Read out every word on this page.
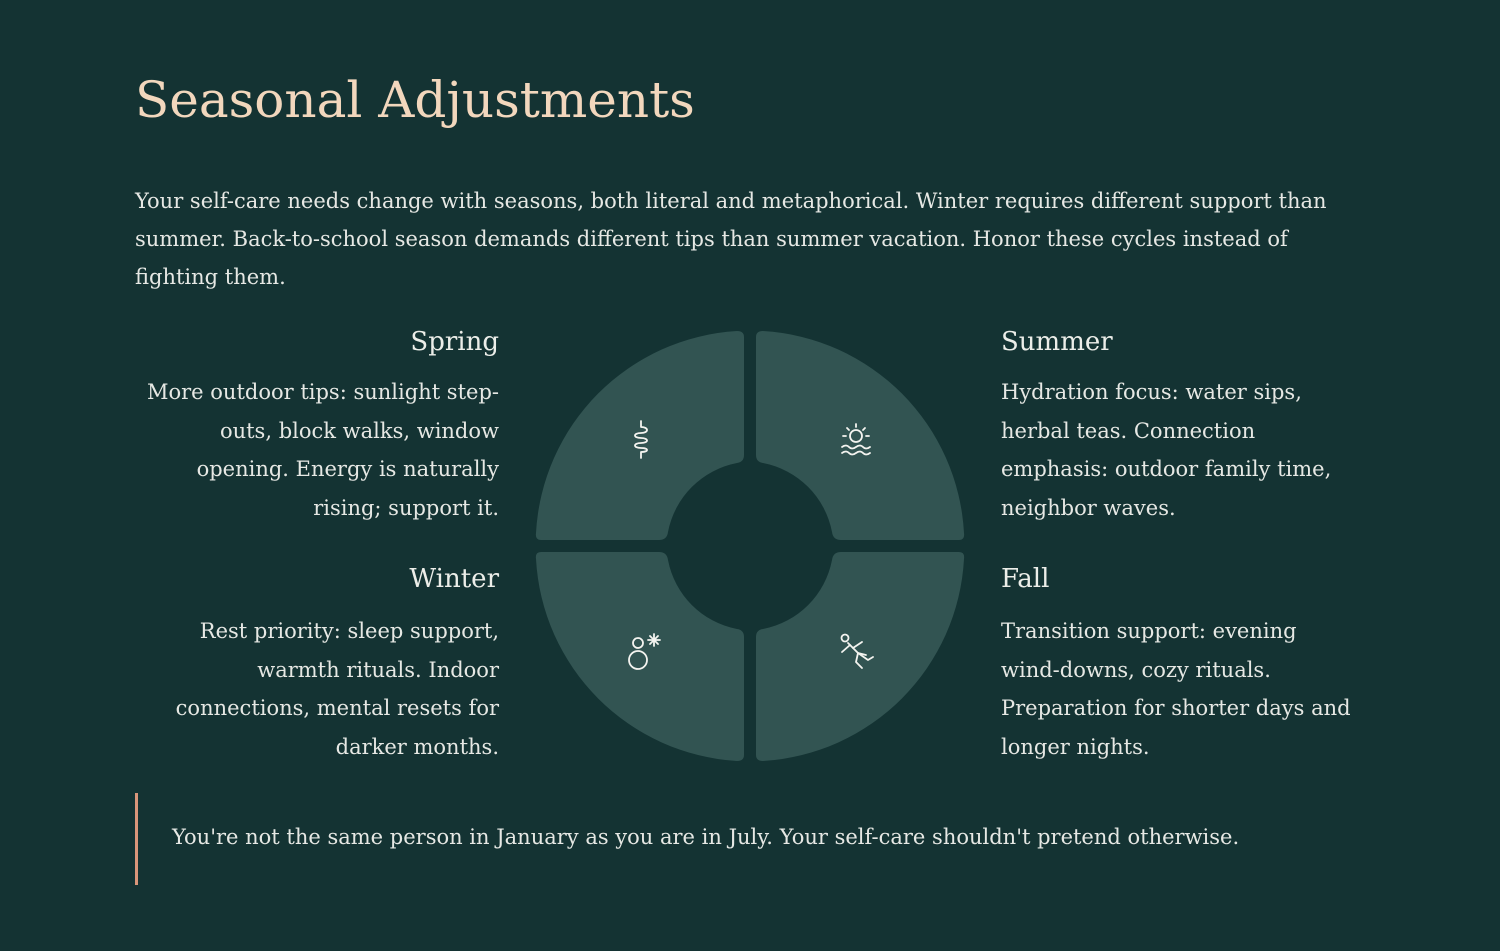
Seasonal Adjustments

Your self-care needs change with seasons, both literal and metaphorical. Winter requires different support than summer. Back-to-school season demands different tips than summer vacation. Honor these cycles instead of fighting them.

Spring

More outdoor tips: sunlight step-outs, block walks, window opening. Energy is naturally rising; support it.

Summer

Hydration focus: water sips, herbal teas. Connection emphasis: outdoor family time, neighbor waves.

Winter

Rest priority: sleep support, warmth rituals. Indoor connections, mental resets for darker months.

Fall

Transition support: evening wind-downs, cozy rituals. Preparation for shorter days and longer nights.

You're not the same person in January as you are in July. Your self-care shouldn't pretend otherwise.
